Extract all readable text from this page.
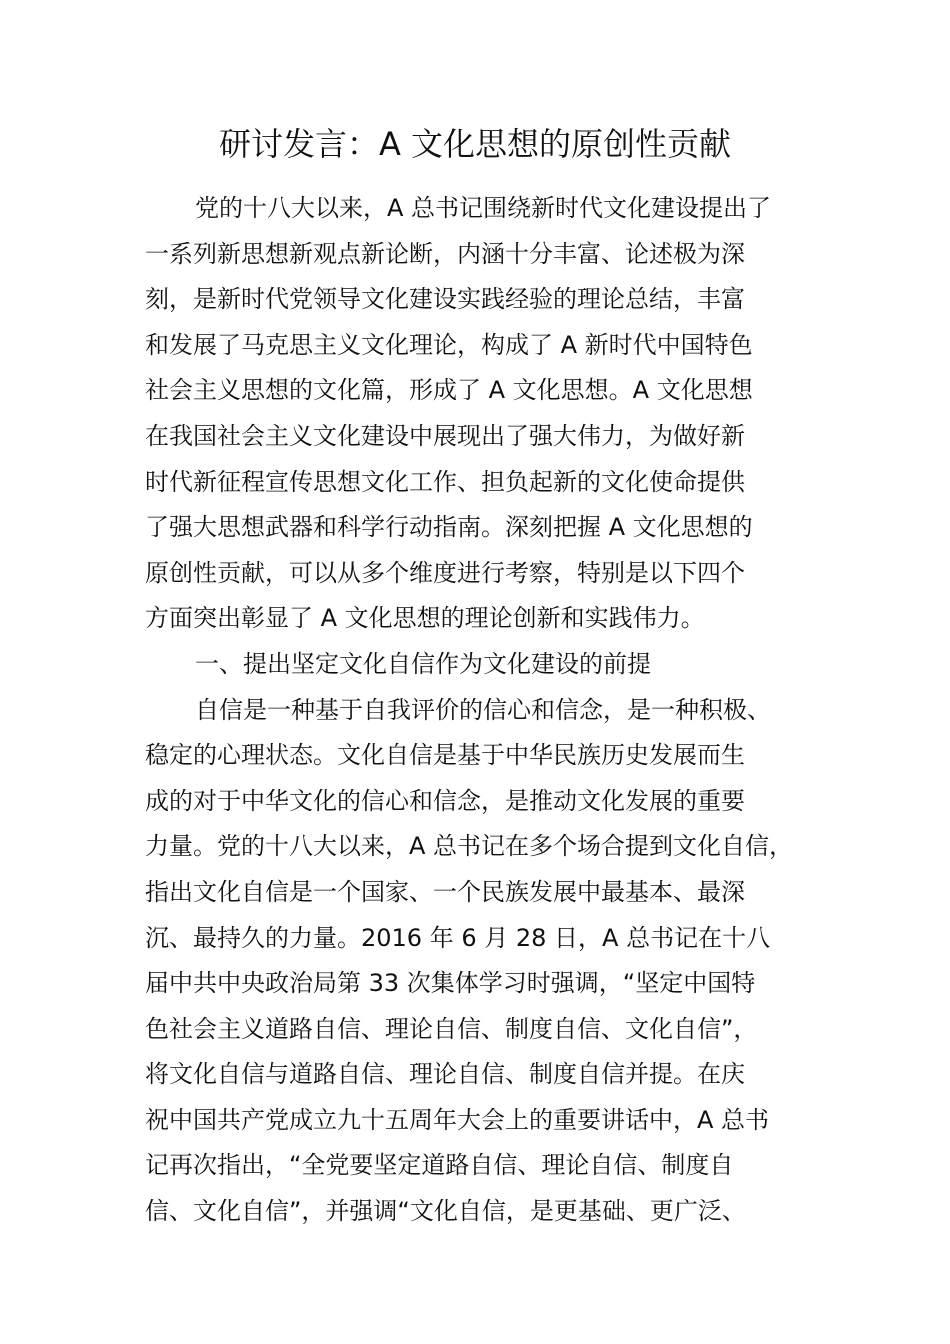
研讨发言：A 文化思想的原创性贡献
党的十八大以来，A 总书记围绕新时代文化建设提出了
一系列新思想新观点新论断，内涵十分丰富、论述极为深
刻，是新时代党领导文化建设实践经验的理论总结，丰富
和发展了马克思主义文化理论，构成了 A 新时代中国特色
社会主义思想的文化篇，形成了 A 文化思想。A 文化思想
在我国社会主义文化建设中展现出了强大伟力，为做好新
时代新征程宣传思想文化工作、担负起新的文化使命提供
了强大思想武器和科学行动指南。深刻把握 A 文化思想的
原创性贡献，可以从多个维度进行考察，特别是以下四个
方面突出彰显了 A 文化思想的理论创新和实践伟力。
一、提出坚定文化自信作为文化建设的前提
自信是一种基于自我评价的信心和信念，是一种积极、
稳定的心理状态。文化自信是基于中华民族历史发展而生
成的对于中华文化的信心和信念，是推动文化发展的重要
力量。党的十八大以来，A 总书记在多个场合提到文化自信，
指出文化自信是一个国家、一个民族发展中最基本、最深
沉、最持久的力量。2016 年 6 月 28 日，A 总书记在十八
届中共中央政治局第 33 次集体学习时强调，“坚定中国特
色社会主义道路自信、理论自信、制度自信、文化自信”，
将文化自信与道路自信、理论自信、制度自信并提。在庆
祝中国共产党成立九十五周年大会上的重要讲话中，A 总书
记再次指出，“全党要坚定道路自信、理论自信、制度自
信、文化自信”，并强调“文化自信，是更基础、更广泛、
